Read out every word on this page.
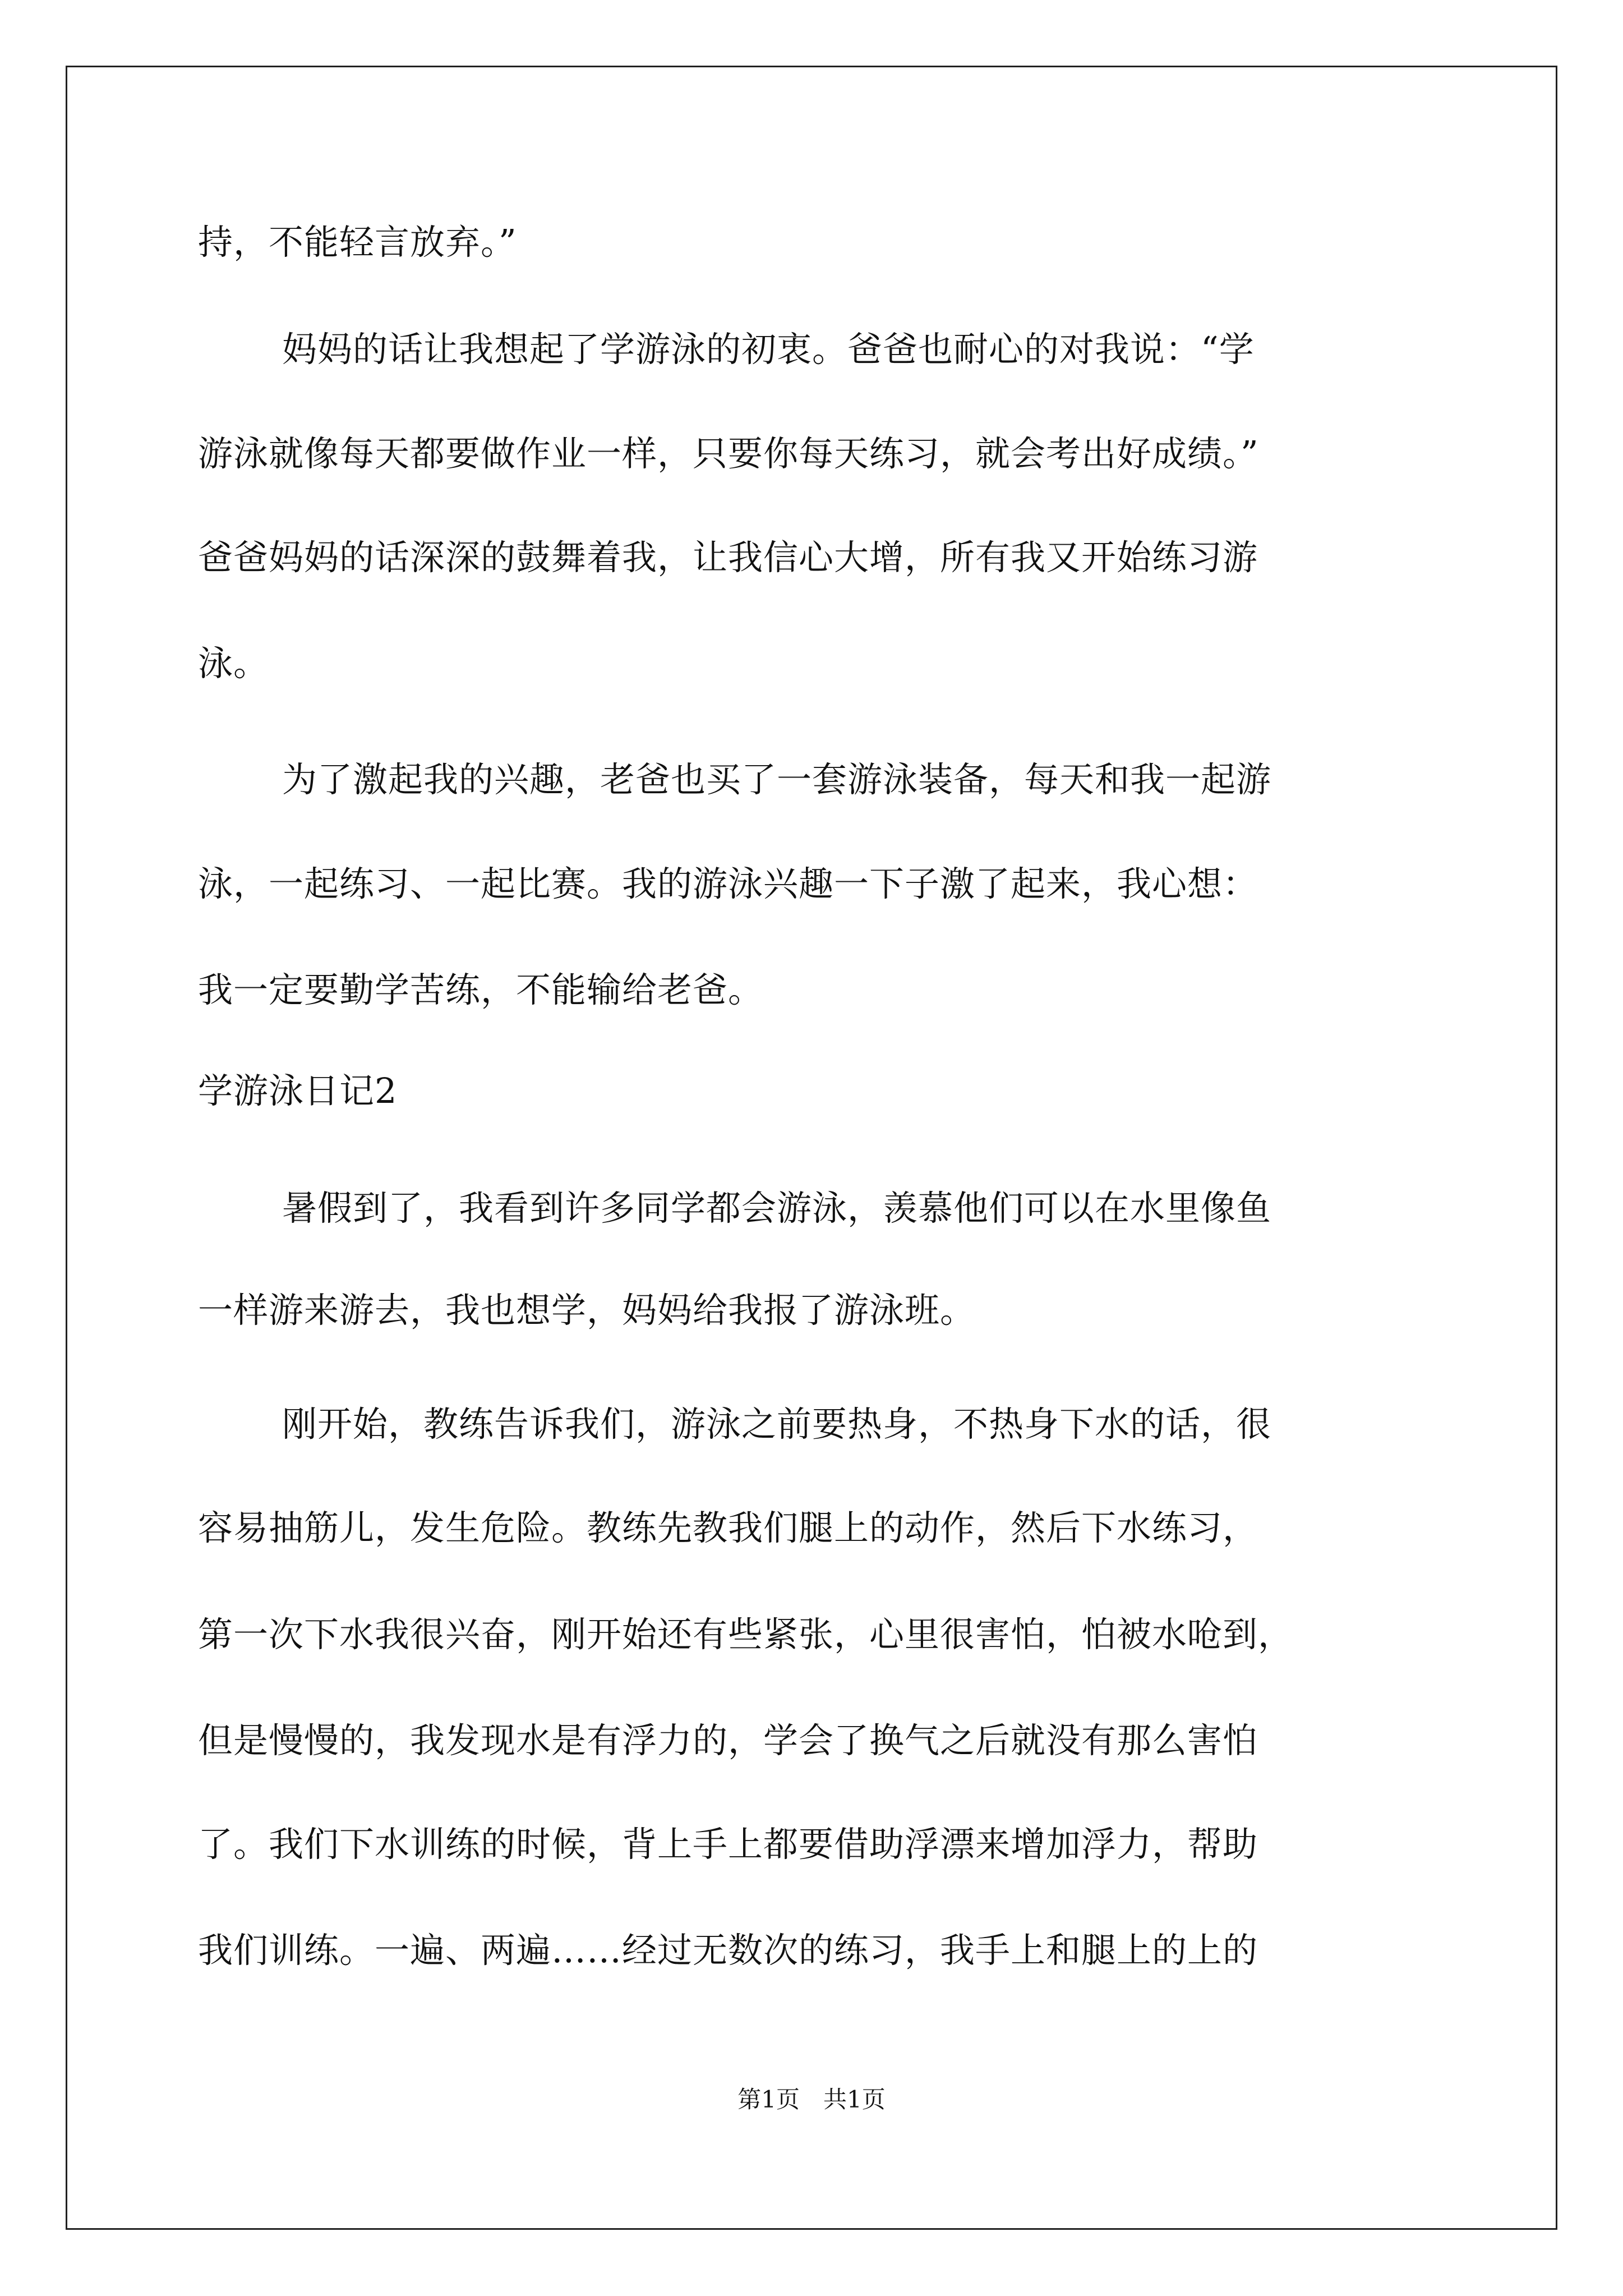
持，不能轻言放弃。”
妈妈的话让我想起了学游泳的初衷。爸爸也耐心的对我说：“学
游泳就像每天都要做作业一样，只要你每天练习，就会考出好成绩。”
爸爸妈妈的话深深的鼓舞着我，让我信心大增，所有我又开始练习游
泳。
为了激起我的兴趣，老爸也买了一套游泳装备，每天和我一起游
泳，一起练习、一起比赛。我的游泳兴趣一下子激了起来，我心想：
我一定要勤学苦练，不能输给老爸。
学游泳日记2
暑假到了，我看到许多同学都会游泳，羡慕他们可以在水里像鱼
一样游来游去，我也想学，妈妈给我报了游泳班。
刚开始，教练告诉我们，游泳之前要热身，不热身下水的话，很
容易抽筋儿，发生危险。教练先教我们腿上的动作，然后下水练习，
第一次下水我很兴奋，刚开始还有些紧张，心里很害怕，怕被水呛到，
但是慢慢的，我发现水是有浮力的，学会了换气之后就没有那么害怕
了。我们下水训练的时候，背上手上都要借助浮漂来增加浮力，帮助
我们训练。一遍、两遍……经过无数次的练习，我手上和腿上的上的
第1页　共1页
